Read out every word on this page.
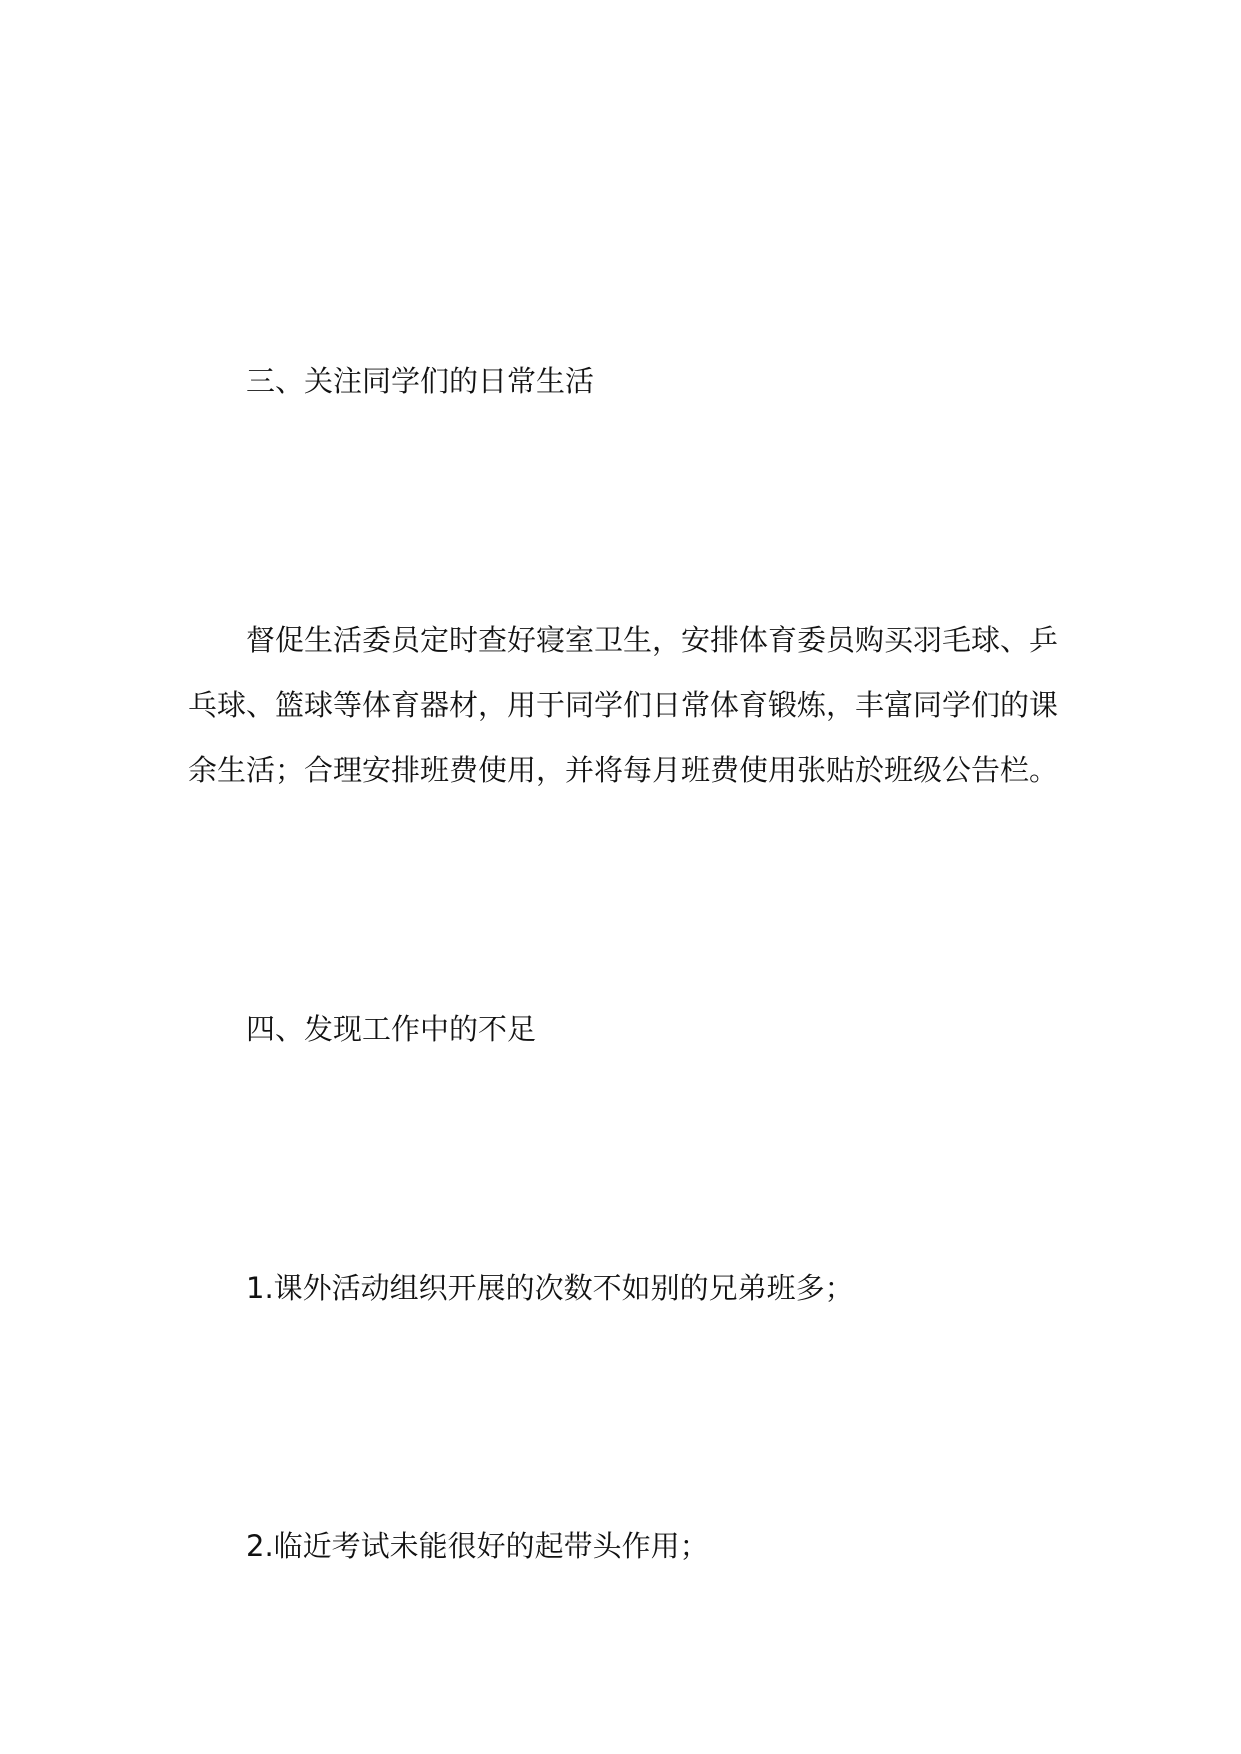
三、关注同学们的日常生活
督促生活委员定时查好寝室卫生，安排体育委员购买羽毛球、乒
乓球、篮球等体育器材，用于同学们日常体育锻炼，丰富同学们的课
余生活；合理安排班费使用，并将每月班费使用张贴於班级公告栏。
四、发现工作中的不足
1.课外活动组织开展的次数不如别的兄弟班多；
2.临近考试未能很好的起带头作用；
